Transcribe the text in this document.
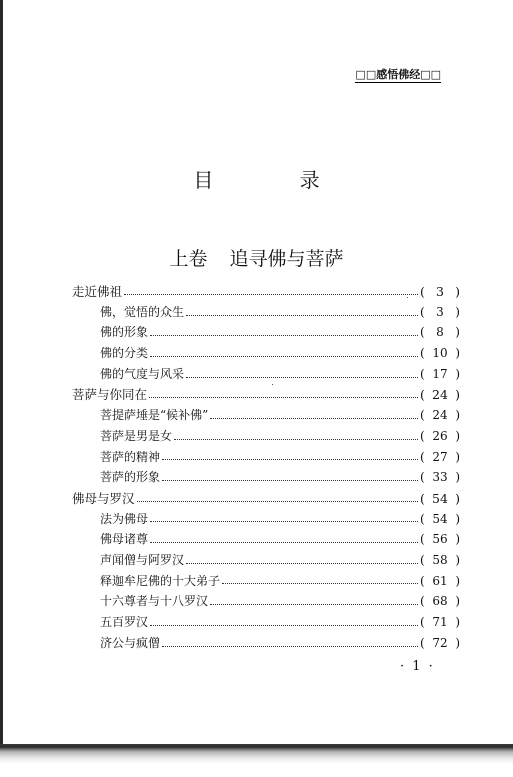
□□感悟佛经□□
目 录
上卷 追寻佛与菩萨
走近佛祖	( 3 )
佛，觉悟的众生	( 3 )
佛的形象	( 8 )
佛的分类	( 10 )
佛的气度与风采	( 17 )
菩萨与你同在	( 24 )
菩提萨埵是“候补佛”	( 24 )
菩萨是男是女	( 26 )
菩萨的精神	( 27 )
菩萨的形象	( 33 )
佛母与罗汉	( 54 )
法为佛母	( 54 )
佛母诸尊	( 56 )
声闻僧与阿罗汉	( 58 )
释迦牟尼佛的十大弟子	( 61 )
十六尊者与十八罗汉	( 68 )
五百罗汉	( 71 )
济公与疯僧	( 72 )
· 1 ·
